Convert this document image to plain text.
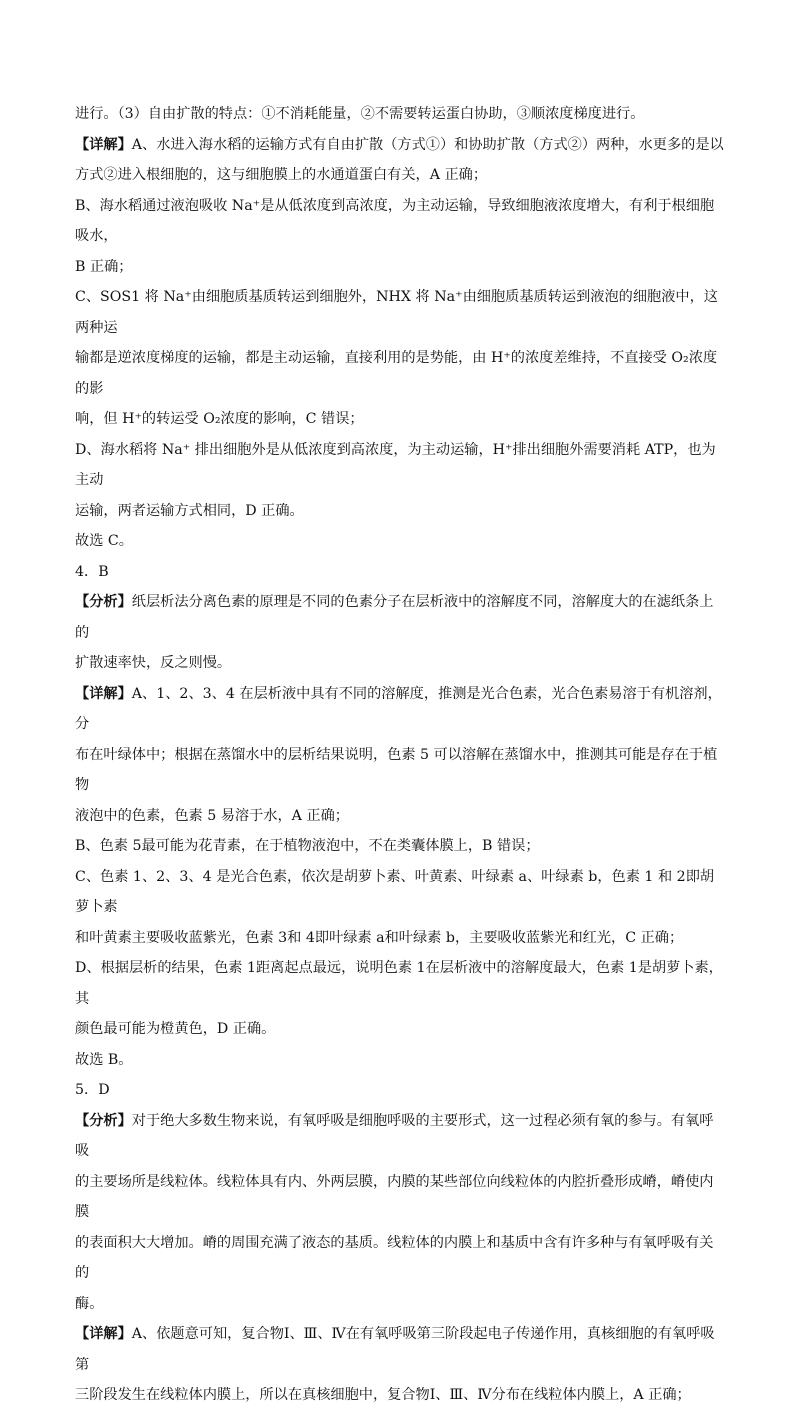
进行。（3）自由扩散的特点：①不消耗能量，②不需要转运蛋白协助，③顺浓度梯度进行。

【详解】A、水进入海水稻的运输方式有自由扩散（方式①）和协助扩散（方式②）两种，水更多的是以

方式②进入根细胞的，这与细胞膜上的水通道蛋白有关，A 正确；

B、海水稻通过液泡吸收 Na⁺是从低浓度到高浓度，为主动运输，导致细胞液浓度增大，有利于根细胞吸水，

B 正确；

C、SOS1 将 Na⁺由细胞质基质转运到细胞外，NHX 将 Na⁺由细胞质基质转运到液泡的细胞液中，这两种运

输都是逆浓度梯度的运输，都是主动运输，直接利用的是势能，由 H⁺的浓度差维持，不直接受 O₂浓度的影

响，但 H⁺的转运受 O₂浓度的影响，C 错误；

D、海水稻将 Na⁺ 排出细胞外是从低浓度到高浓度，为主动运输，H⁺排出细胞外需要消耗 ATP，也为主动

运输，两者运输方式相同，D 正确。

故选 C。

4．B

【分析】纸层析法分离色素的原理是不同的色素分子在层析液中的溶解度不同，溶解度大的在滤纸条上的

扩散速率快，反之则慢。

【详解】A、1、2、3、4 在层析液中具有不同的溶解度，推测是光合色素，光合色素易溶于有机溶剂，分

布在叶绿体中；根据在蒸馏水中的层析结果说明，色素 5 可以溶解在蒸馏水中，推测其可能是存在于植物

液泡中的色素，色素 5 易溶于水，A 正确；

B、色素 5最可能为花青素，在于植物液泡中，不在类囊体膜上，B 错误；

C、色素 1、2、3、4 是光合色素，依次是胡萝卜素、叶黄素、叶绿素 a、叶绿素 b，色素 1 和 2即胡萝卜素

和叶黄素主要吸收蓝紫光，色素 3和 4即叶绿素 a和叶绿素 b，主要吸收蓝紫光和红光，C 正确；

D、根据层析的结果，色素 1距离起点最远，说明色素 1在层析液中的溶解度最大，色素 1是胡萝卜素，其

颜色最可能为橙黄色，D 正确。

故选 B。

5．D

【分析】对于绝大多数生物来说，有氧呼吸是细胞呼吸的主要形式，这一过程必须有氧的参与。有氧呼吸

的主要场所是线粒体。线粒体具有内、外两层膜，内膜的某些部位向线粒体的内腔折叠形成嵴，嵴使内膜

的表面积大大增加。嵴的周围充满了液态的基质。线粒体的内膜上和基质中含有许多种与有氧呼吸有关的

酶。

【详解】A、依题意可知，复合物Ⅰ、Ⅲ、Ⅳ在有氧呼吸第三阶段起电子传递作用，真核细胞的有氧呼吸第

三阶段发生在线粒体内膜上，所以在真核细胞中，复合物Ⅰ、Ⅲ、Ⅳ分布在线粒体内膜上，A 正确；
